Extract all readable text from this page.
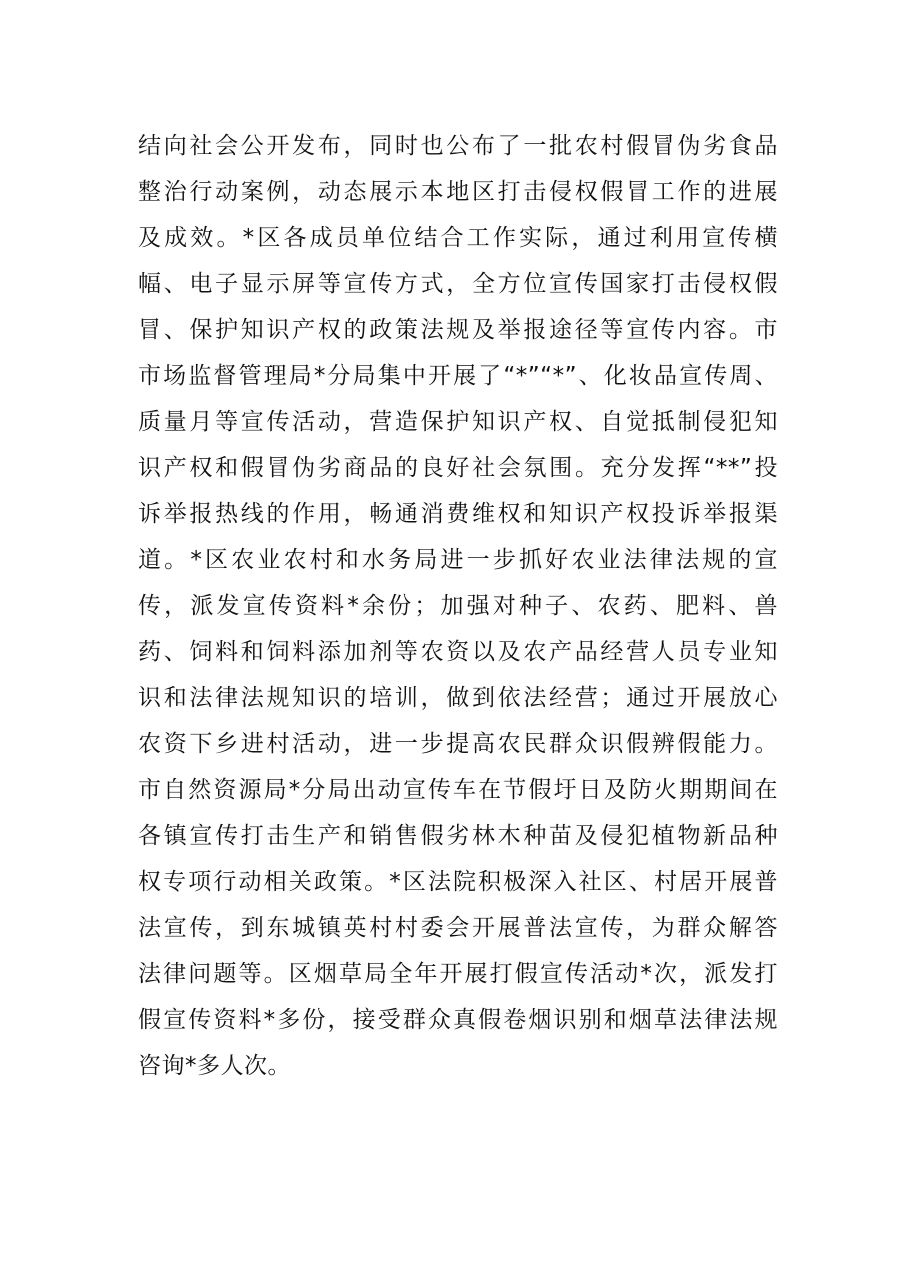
结向社会公开发布，同时也公布了一批农村假冒伪劣食品
整治行动案例，动态展示本地区打击侵权假冒工作的进展
及成效。*区各成员单位结合工作实际，通过利用宣传横
幅、电子显示屏等宣传方式，全方位宣传国家打击侵权假
冒、保护知识产权的政策法规及举报途径等宣传内容。市
市场监督管理局*分局集中开展了“*”“*”、化妆品宣传周、
质量月等宣传活动，营造保护知识产权、自觉抵制侵犯知
识产权和假冒伪劣商品的良好社会氛围。充分发挥“**”投
诉举报热线的作用，畅通消费维权和知识产权投诉举报渠
道。*区农业农村和水务局进一步抓好农业法律法规的宣
传，派发宣传资料*余份；加强对种子、农药、肥料、兽
药、饲料和饲料添加剂等农资以及农产品经营人员专业知
识和法律法规知识的培训，做到依法经营；通过开展放心
农资下乡进村活动，进一步提高农民群众识假辨假能力。
市自然资源局*分局出动宣传车在节假圩日及防火期期间在
各镇宣传打击生产和销售假劣林木种苗及侵犯植物新品种
权专项行动相关政策。*区法院积极深入社区、村居开展普
法宣传，到东城镇英村村委会开展普法宣传，为群众解答
法律问题等。区烟草局全年开展打假宣传活动*次，派发打
假宣传资料*多份，接受群众真假卷烟识别和烟草法律法规
咨询*多人次。
